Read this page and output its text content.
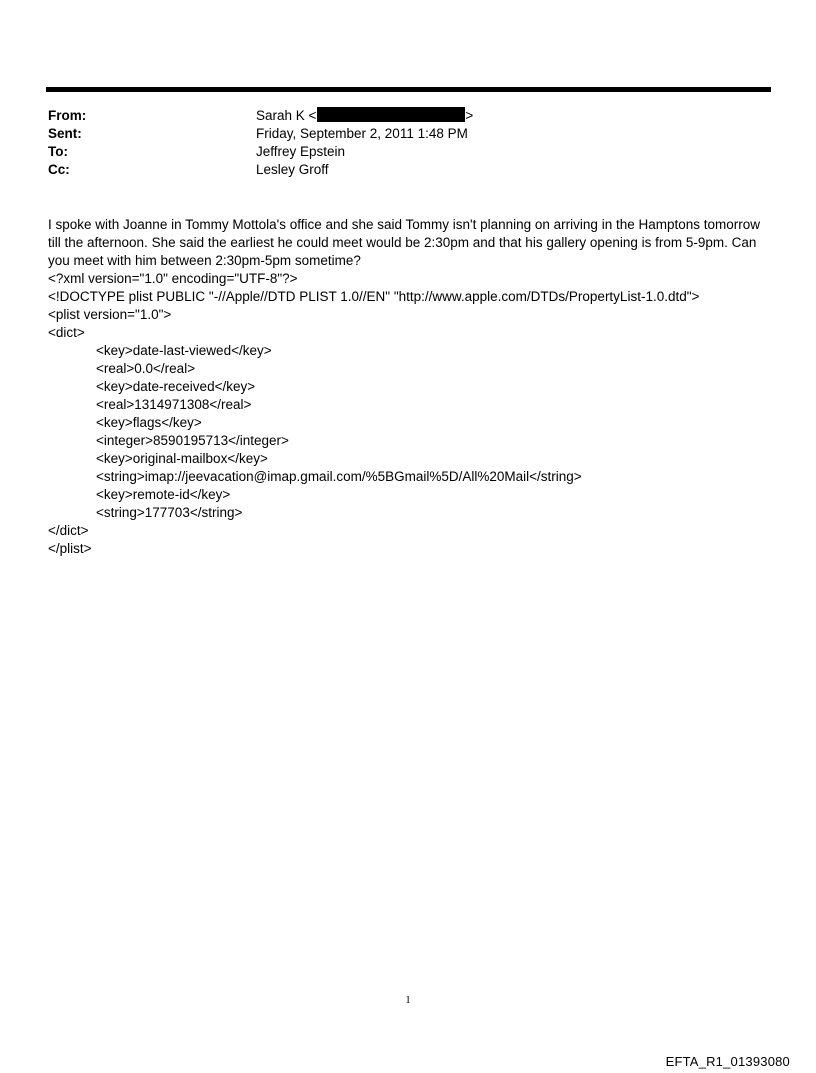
From:	Sarah K <	>
Sent:	Friday, September 2, 2011 1:48 PM
To:	Jeffrey Epstein
Cc:	Lesley Groff

I spoke with Joanne in Tommy Mottola's office and she said Tommy isn't planning on arriving in the Hamptons tomorrow till the afternoon. She said the earliest he could meet would be 2:30pm and that his gallery opening is from 5-9pm. Can you meet with him between 2:30pm-5pm sometime?

<?xml version="1.0" encoding="UTF-8"?>
<!DOCTYPE plist PUBLIC "-//Apple//DTD PLIST 1.0//EN" "http://www.apple.com/DTDs/PropertyList-1.0.dtd">
<plist version="1.0">
<dict>
<key>date-last-viewed</key>
<real>0.0</real>
<key>date-received</key>
<real>1314971308</real>
<key>flags</key>
<integer>8590195713</integer>
<key>original-mailbox</key>
<string>imap://jeevacation@imap.gmail.com/%5BGmail%5D/All%20Mail</string>
<key>remote-id</key>
<string>177703</string>
</dict>
</plist>
1
EFTA_R1_01393080
